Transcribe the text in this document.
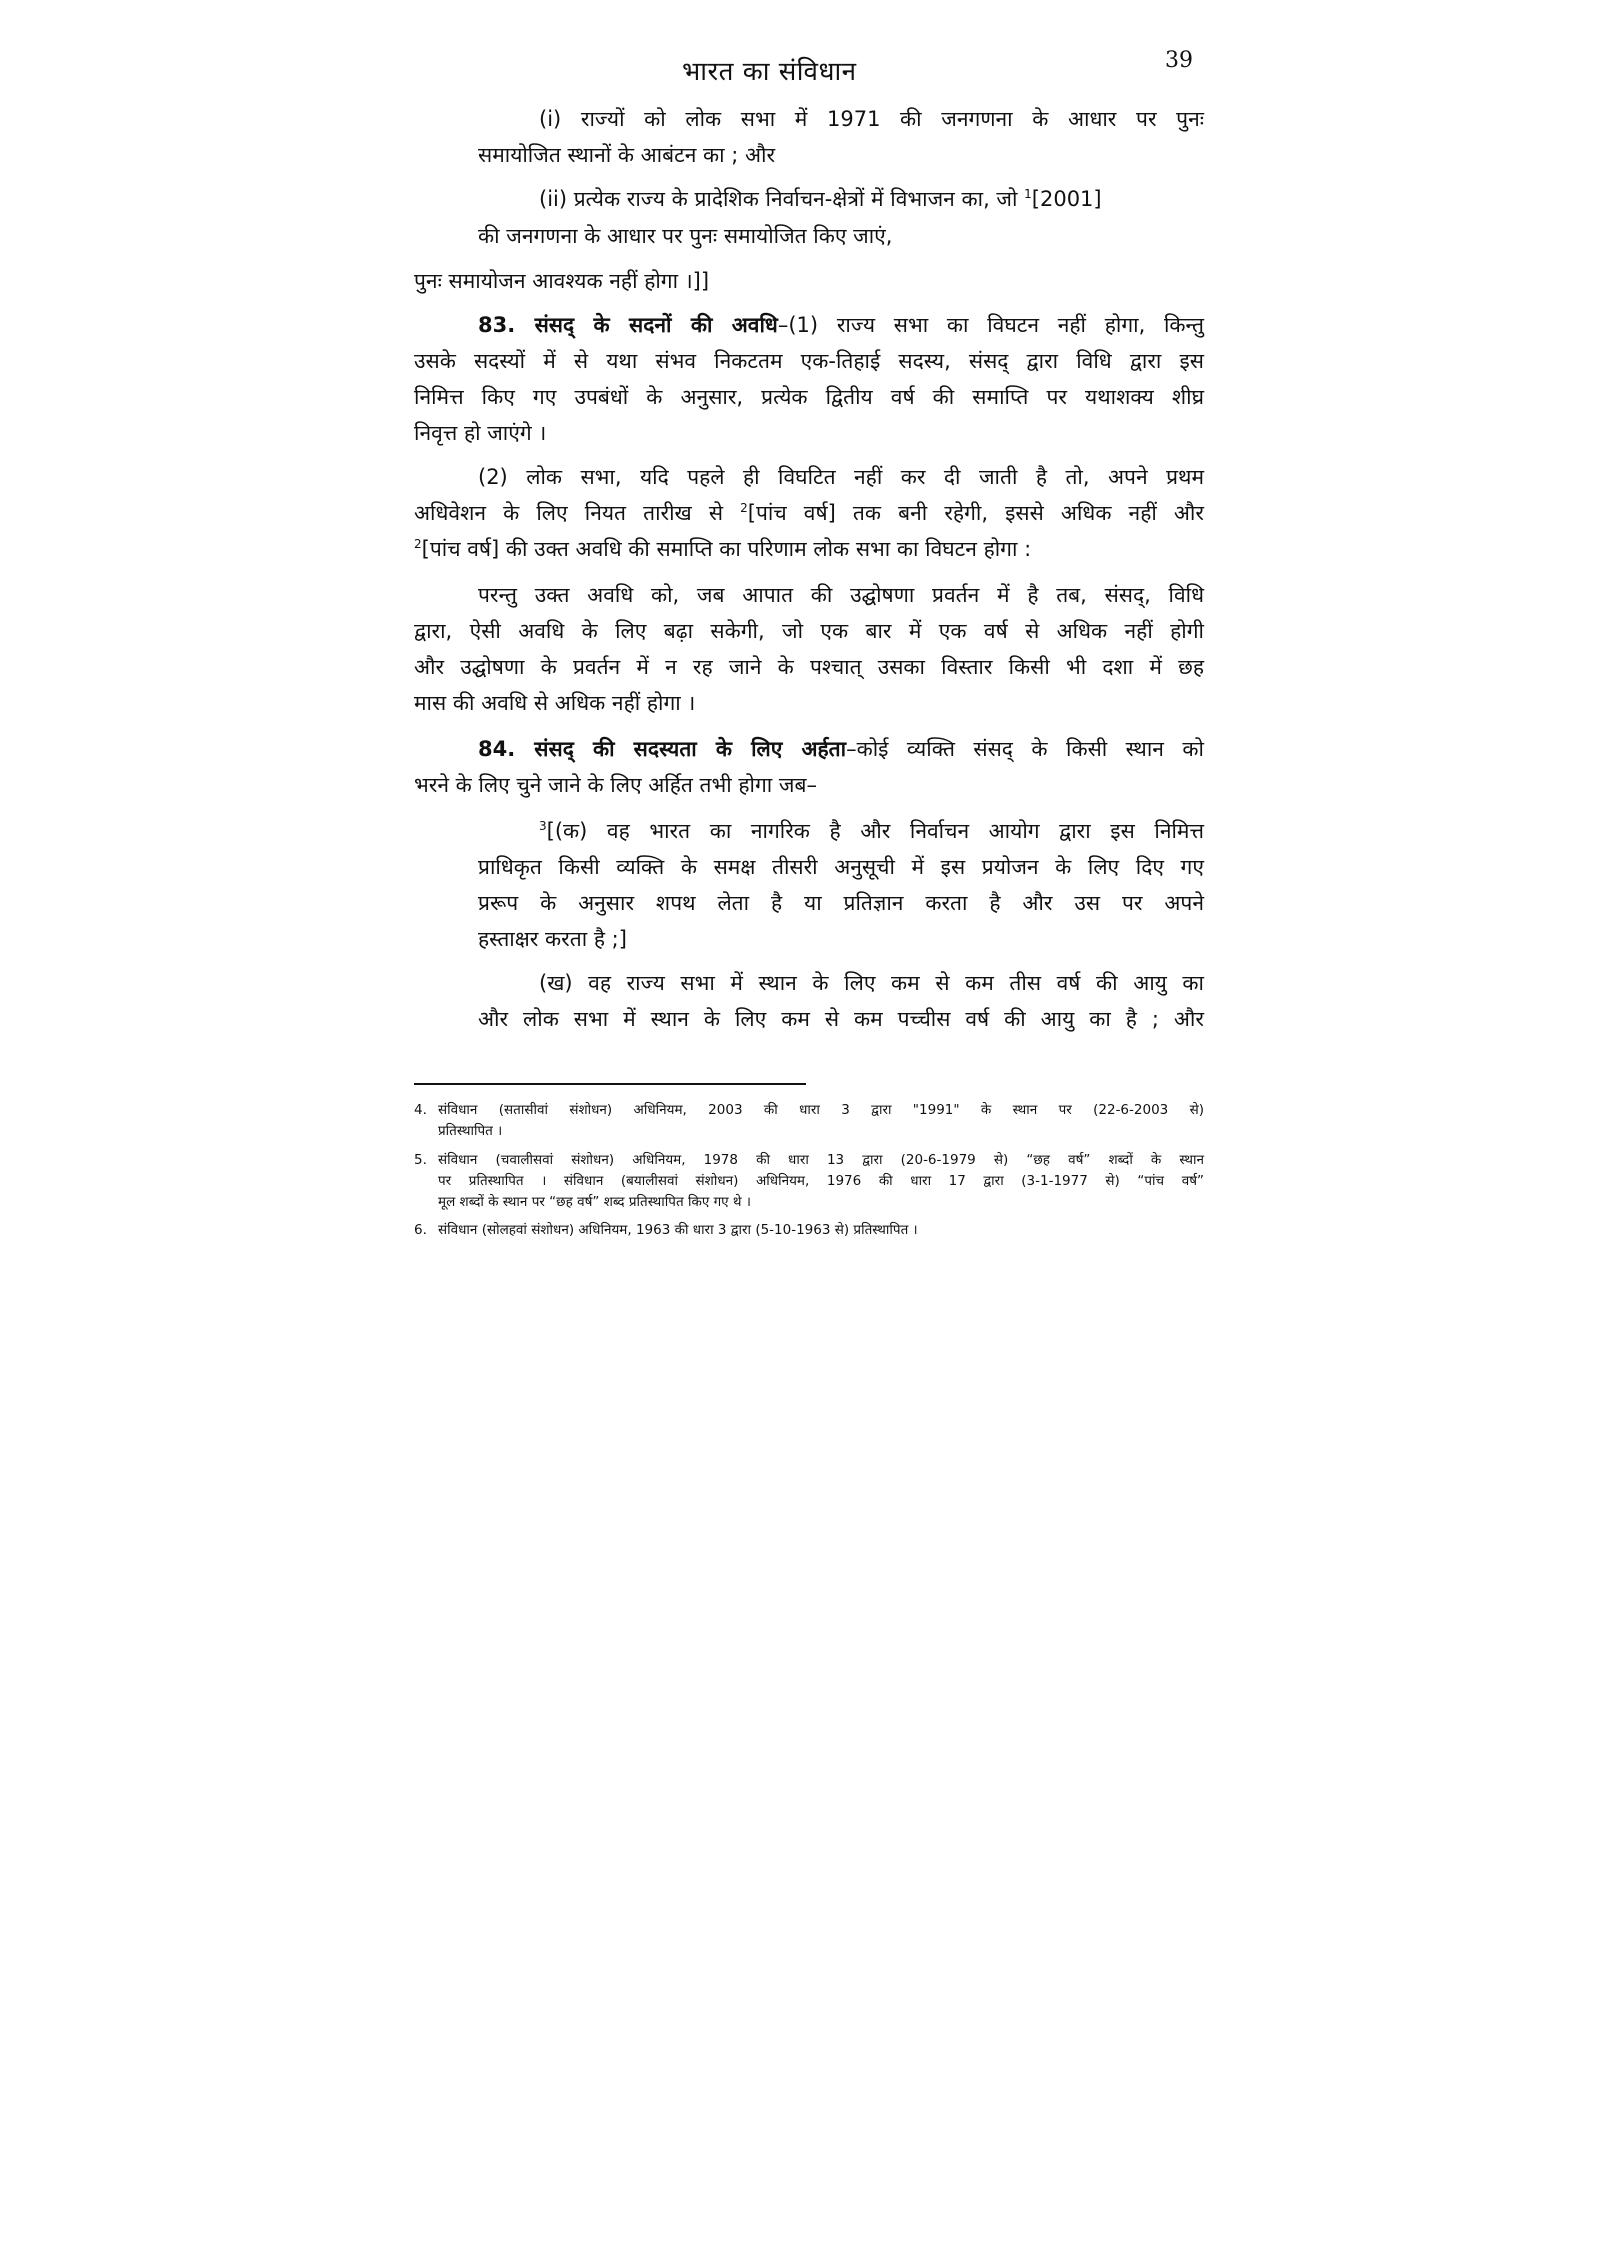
भारत का संविधान	39
(i) राज्यों को लोक सभा में 1971 की जनगणना के आधार पर पुनः
समायोजित स्थानों के आबंटन का ; और
(ii) प्रत्येक राज्य के प्रादेशिक निर्वाचन-क्षेत्रों में विभाजन का, जो $^1$[2001]
की जनगणना के आधार पर पुनः समायोजित किए जाएं,
पुनः समायोजन आवश्यक नहीं होगा ।]]
83. संसद् के सदनों की अवधि–(1) राज्य सभा का विघटन नहीं होगा, किन्तु
उसके सदस्यों में से यथा संभव निकटतम एक-तिहाई सदस्य, संसद् द्वारा विधि द्वारा इस
निमित्त किए गए उपबंधों के अनुसार, प्रत्येक द्वितीय वर्ष की समाप्ति पर यथाशक्य शीघ्र
निवृत्त हो जाएंगे ।
(2) लोक सभा, यदि पहले ही विघटित नहीं कर दी जाती है तो, अपने प्रथम
अधिवेशन के लिए नियत तारीख से $^2$[पांच वर्ष] तक बनी रहेगी, इससे अधिक नहीं और
$^2$[पांच वर्ष] की उक्त अवधि की समाप्ति का परिणाम लोक सभा का विघटन होगा :
परन्तु उक्त अवधि को, जब आपात की उद्घोषणा प्रवर्तन में है तब, संसद्, विधि
द्वारा, ऐसी अवधि के लिए बढ़ा सकेगी, जो एक बार में एक वर्ष से अधिक नहीं होगी
और उद्घोषणा के प्रवर्तन में न रह जाने के पश्चात् उसका विस्तार किसी भी दशा में छह
मास की अवधि से अधिक नहीं होगा ।
84. संसद् की सदस्यता के लिए अर्हता–कोई व्यक्ति संसद् के किसी स्थान को
भरने के लिए चुने जाने के लिए अर्हित तभी होगा जब–
$^3$[(क) वह भारत का नागरिक है और निर्वाचन आयोग द्वारा इस निमित्त
प्राधिकृत किसी व्यक्ति के समक्ष तीसरी अनुसूची में इस प्रयोजन के लिए दिए गए
प्ररूप के अनुसार शपथ लेता है या प्रतिज्ञान करता है और उस पर अपने
हस्ताक्षर करता है ;]
(ख) वह राज्य सभा में स्थान के लिए कम से कम तीस वर्ष की आयु का
और लोक सभा में स्थान के लिए कम से कम पच्चीस वर्ष की आयु का है ; और
4. संविधान (सतासीवां संशोधन) अधिनियम, 2003 की धारा 3 द्वारा "1991" के स्थान पर (22-6-2003 से)
प्रतिस्थापित ।
5. संविधान (चवालीसवां संशोधन) अधिनियम, 1978 की धारा 13 द्वारा (20-6-1979 से) “छह वर्ष” शब्दों के स्थान
पर प्रतिस्थापित । संविधान (बयालीसवां संशोधन) अधिनियम, 1976 की धारा 17 द्वारा (3-1-1977 से) “पांच वर्ष”
मूल शब्दों के स्थान पर “छह वर्ष” शब्द प्रतिस्थापित किए गए थे ।
6. संविधान (सोलहवां संशोधन) अधिनियम, 1963 की धारा 3 द्वारा (5-10-1963 से) प्रतिस्थापित ।
